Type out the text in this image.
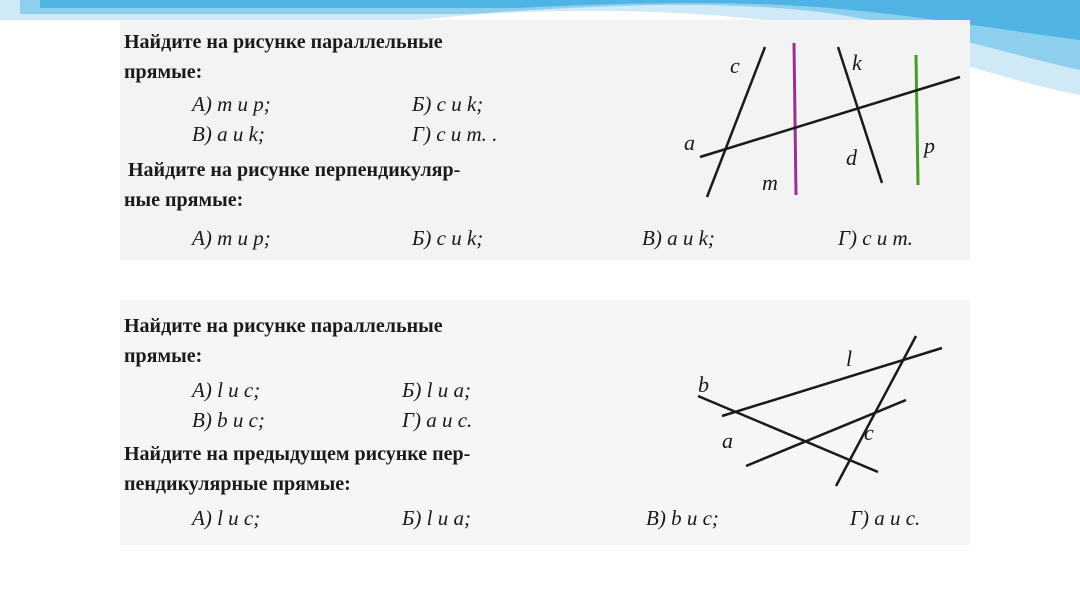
Найдите на рисунке параллельные
прямые:
А) m и p;	Б) c и k;
В) a и k;	Г) c и m. .
Найдите на рисунке перпендикуляр-
ные прямые:
А) m и p;	Б) c и k;	В) a и k;	Г) c и m.
c	k
a
d	p
m
Найдите на рисунке параллельные
прямые:
А) l и c;	Б) l и a;
В) b и c;	Г) a и c.
Найдите на предыдущем рисунке пер-
пендикулярные прямые:
А) l и c;	Б) l и a;	В) b и c;	Г) a и c.
l
b
a	c
